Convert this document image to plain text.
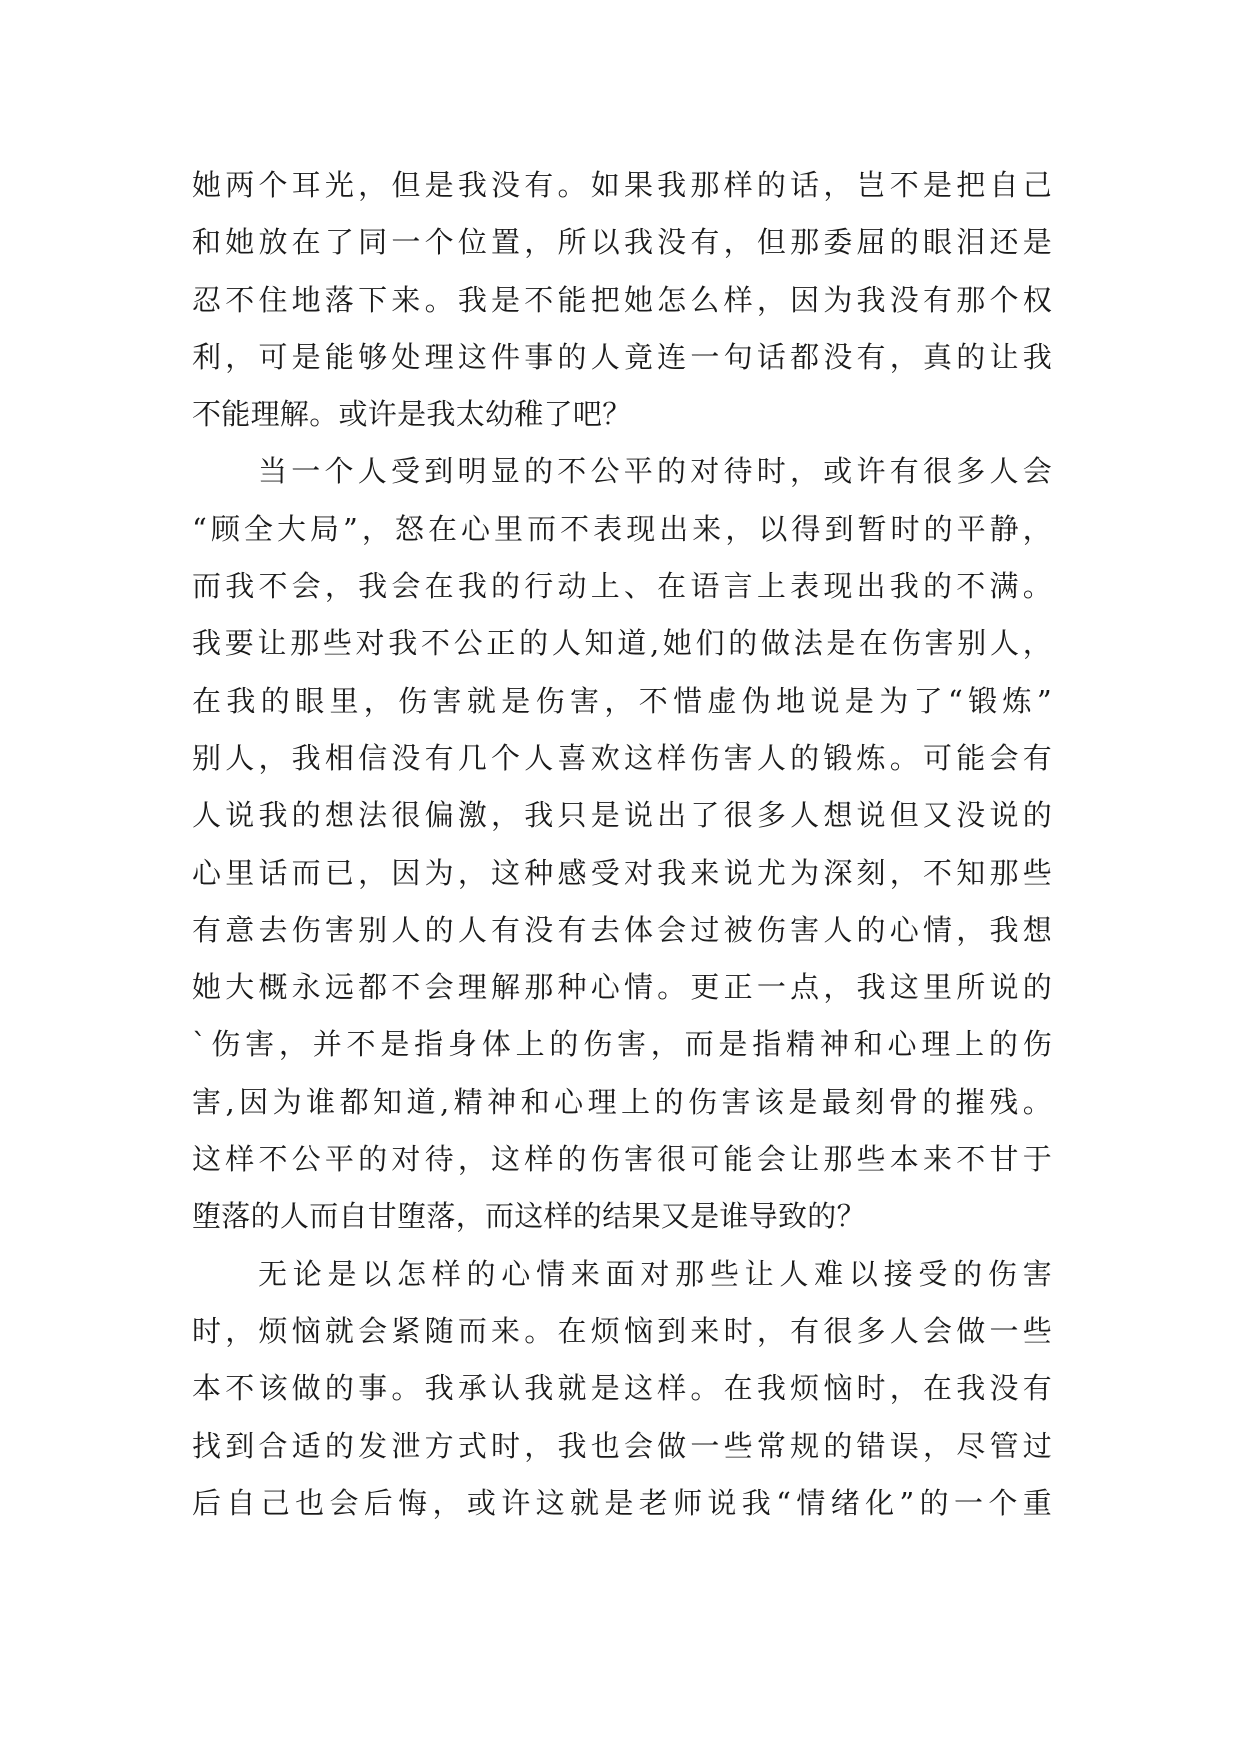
她两个耳光，但是我没有。如果我那样的话，岂不是把自己
和她放在了同一个位置，所以我没有，但那委屈的眼泪还是
忍不住地落下来。我是不能把她怎么样，因为我没有那个权
利，可是能够处理这件事的人竟连一句话都没有，真的让我
不能理解。或许是我太幼稚了吧？
当一个人受到明显的不公平的对待时，或许有很多人会
“顾全大局”，怒在心里而不表现出来，以得到暂时的平静，
而我不会，我会在我的行动上、在语言上表现出我的不满。
我要让那些对我不公正的人知道,她们的做法是在伤害别人，
在我的眼里，伤害就是伤害，不惜虚伪地说是为了“锻炼”
别人，我相信没有几个人喜欢这样伤害人的锻炼。可能会有
人说我的想法很偏激，我只是说出了很多人想说但又没说的
心里话而已，因为，这种感受对我来说尤为深刻，不知那些
有意去伤害别人的人有没有去体会过被伤害人的心情，我想
她大概永远都不会理解那种心情。更正一点，我这里所说的
`伤害，并不是指身体上的伤害，而是指精神和心理上的伤
害,因为谁都知道,精神和心理上的伤害该是最刻骨的摧残。
这样不公平的对待，这样的伤害很可能会让那些本来不甘于
堕落的人而自甘堕落，而这样的结果又是谁导致的？
无论是以怎样的心情来面对那些让人难以接受的伤害
时，烦恼就会紧随而来。在烦恼到来时，有很多人会做一些
本不该做的事。我承认我就是这样。在我烦恼时，在我没有
找到合适的发泄方式时，我也会做一些常规的错误，尽管过
后自己也会后悔，或许这就是老师说我“情绪化”的一个重
